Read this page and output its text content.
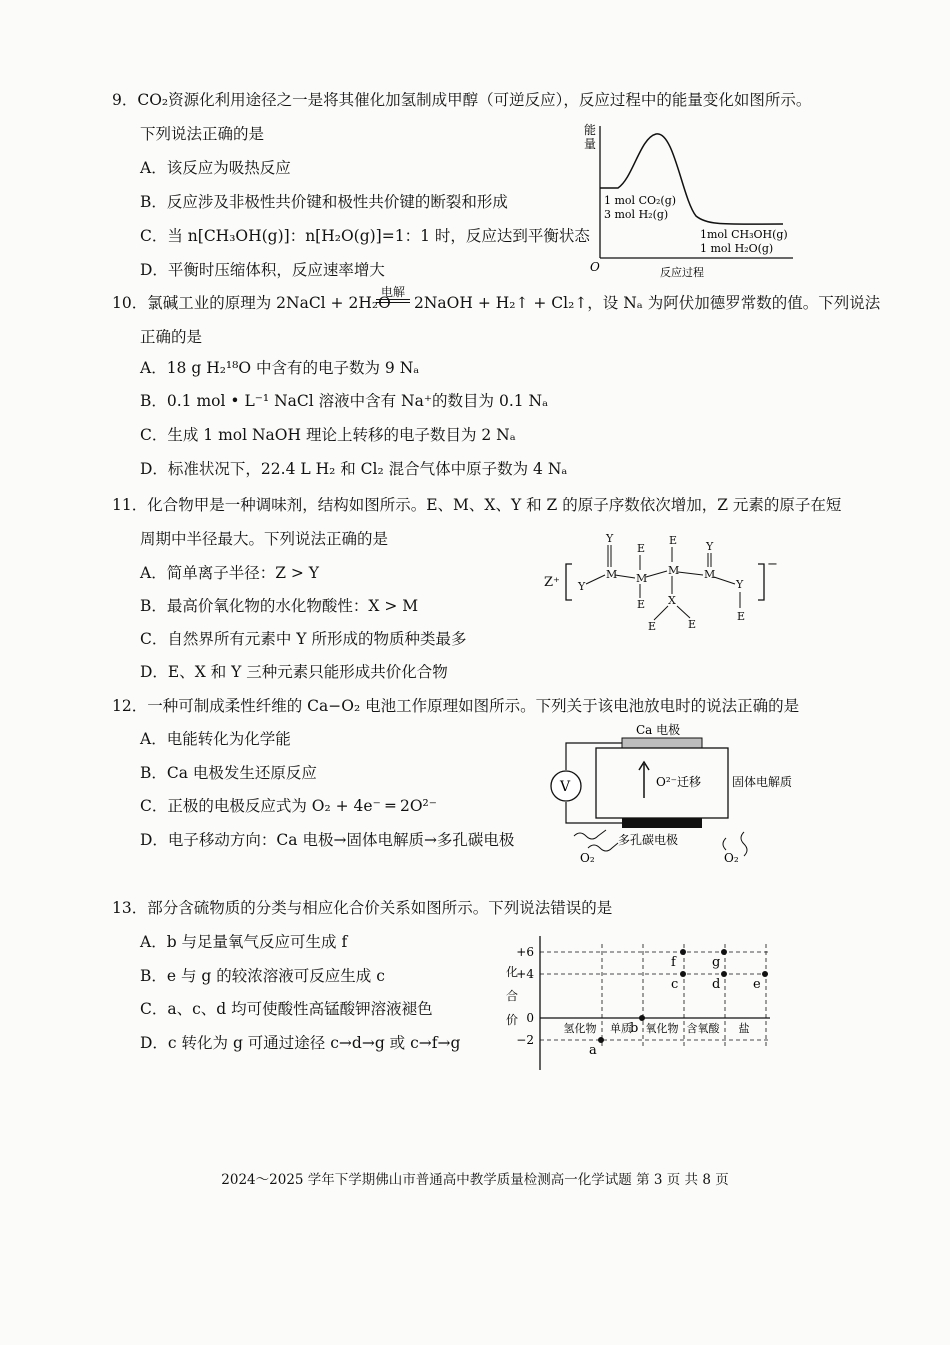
9．CO₂资源化利用途径之一是将其催化加氢制成甲醇（可逆反应），反应过程中的能量变化如图所示。
下列说法正确的是
A．该反应为吸热反应
B．反应涉及非极性共价键和极性共价键的断裂和形成
C．当 n[CH₃OH(g)]：n[H₂O(g)]=1：1 时，反应达到平衡状态
D．平衡时压缩体积，反应速率增大
能量
1 mol CO₂(g)
3 mol H₂(g)
1mol CH₃OH(g)
1 mol H₂O(g)
O	反应过程
10．氯碱工业的原理为 2NaCl + 2H₂O
电解
2NaOH + H₂↑ + Cl₂↑，设 Nₐ 为阿伏加德罗常数的值。下列说法
正确的是
A．18 g H₂¹⁸O 中含有的电子数为 9 Nₐ
B．0.1 mol • L⁻¹ NaCl 溶液中含有 Na⁺的数目为 0.1 Nₐ
C．生成 1 mol NaOH 理论上转移的电子数目为 2 Nₐ
D．标准状况下，22.4 L H₂ 和 Cl₂ 混合气体中原子数为 4 Nₐ
11．化合物甲是一种调味剂，结构如图所示。E、M、X、Y 和 Z 的原子序数依次增加，Z 元素的原子在短
周期中半径最大。下列说法正确的是
A．简单离子半径：Z > Y
B．最高价氧化物的水化物酸性：X > M
C．自然界所有元素中 Y 所形成的物质种类最多
D．E、X 和 Y 三种元素只能形成共价化合物
Z⁺
−
Y
M M
M M
Y
Y
Y
E
E
E
E	E
E
X
12．一种可制成柔性纤维的 Ca−O₂ 电池工作原理如图所示。下列关于该电池放电时的说法正确的是
A．电能转化为化学能
B．Ca 电极发生还原反应
C．正极的电极反应式为 O₂ + 4e⁻ ═ 2O²⁻
D．电子移动方向：Ca 电极→固体电解质→多孔碳电极
Ca 电极
V	O²⁻迁移	固体电解质
多孔碳电极
O₂	O₂
13．部分含硫物质的分类与相应化合价关系如图所示。下列说法错误的是
A．b 与足量氧气反应可生成 f
B．e 与 g 的较浓溶液可反应生成 c
C．a、c、d 均可使酸性高锰酸钾溶液褪色
D．c 转化为 g 可通过途径 c→d→g 或 c→f→g
+6
+4
0
−2
氢化物 单质 氧化物 含氧酸 盐
化
合
价
a
b
c
f
d
g
e
2024～2025 学年下学期佛山市普通高中教学质量检测高一化学试题 第 3 页 共 8 页
